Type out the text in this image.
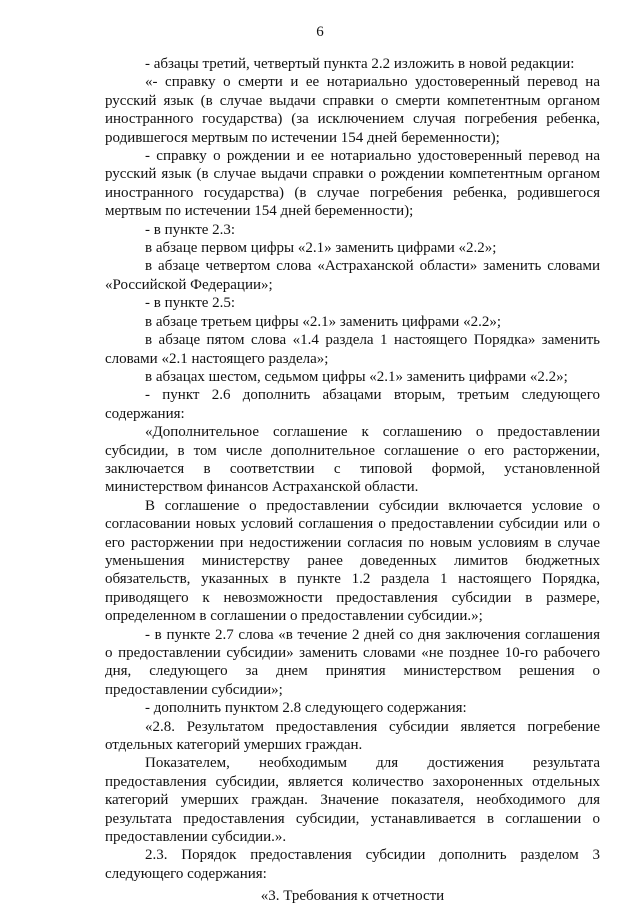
6

- абзацы третий, четвертый пункта 2.2 изложить в новой редакции:

«- справку о смерти и ее нотариально удостоверенный перевод на русский язык (в случае выдачи справки о смерти компетентным органом иностранного государства) (за исключением случая погребения ребенка, родившегося мертвым по истечении 154 дней беременности);

- справку о рождении и ее нотариально удостоверенный перевод на русский язык (в случае выдачи справки о рождении компетентным органом иностранного государства) (в случае погребения ребенка, родившегося мертвым по истечении 154 дней беременности);

- в пункте 2.3:

в абзаце первом цифры «2.1» заменить цифрами «2.2»;

в абзаце четвертом слова «Астраханской области» заменить словами «Российской Федерации»;

- в пункте 2.5:

в абзаце третьем цифры «2.1» заменить цифрами «2.2»;

в абзаце пятом слова «1.4 раздела 1 настоящего Порядка» заменить словами «2.1 настоящего раздела»;

в абзацах шестом, седьмом цифры «2.1» заменить цифрами «2.2»;

- пункт 2.6 дополнить абзацами вторым, третьим следующего содержания:

«Дополнительное соглашение к соглашению о предоставлении субсидии, в том числе дополнительное соглашение о его расторжении, заключается в соответствии с типовой формой, установленной министерством финансов Астраханской области.

В соглашение о предоставлении субсидии включается условие о согласовании новых условий соглашения о предоставлении субсидии или о его расторжении при недостижении согласия по новым условиям в случае уменьшения министерству ранее доведенных лимитов бюджетных обязательств, указанных в пункте 1.2 раздела 1 настоящего Порядка, приводящего к невозможности предоставления субсидии в размере, определенном в соглашении о предоставлении субсидии.»;

- в пункте 2.7 слова «в течение 2 дней со дня заключения соглашения о предоставлении субсидии» заменить словами «не позднее 10-го рабочего дня, следующего за днем принятия министерством решения о предоставлении субсидии»;

- дополнить пунктом 2.8 следующего содержания:

«2.8. Результатом предоставления субсидии является погребение отдельных категорий умерших граждан.

Показателем, необходимым для достижения результата предоставления субсидии, является количество захороненных отдельных категорий умерших граждан. Значение показателя, необходимого для результата предоставления субсидии, устанавливается в соглашении о предоставлении субсидии.».

2.3. Порядок предоставления субсидии дополнить разделом 3 следующего содержания:

«3. Требования к отчетности
